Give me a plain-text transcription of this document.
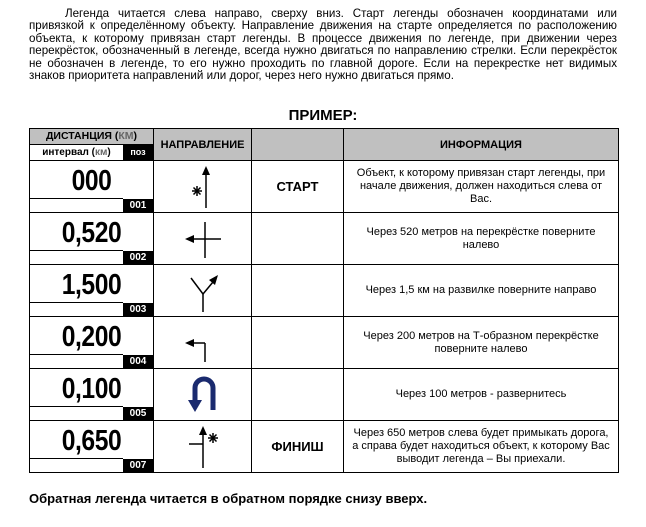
Легенда читается слева направо, сверху вниз. Старт легенды обозначен координатами или привязкой к определённому объекту. Направление движения на старте определяется по расположению объекта, к которому привязан старт легенды. В процессе движения по легенде, при движении через перекрёсток, обозначенный в легенде, всегда нужно двигаться по направлению стрелки. Если перекрёсток не обозначен в легенде, то его нужно проходить по главной дороге. Если на перекрестке нет видимых знаков приоритета направлений или дорог, через него нужно двигаться прямо.
ПРИМЕР:
ДИСТАНЦИЯ (КМ)
интервал (км) поз	НАПРАВЛЕНИЕ		ИНФОРМАЦИЯ

000
001		СТАРТ	Объект, к которому привязан старт легенды, при начале движения, должен находиться слева от Вас.

0,520
002			Через 520 метров на перекрёстке поверните налево

1,500
003			Через 1,5 км на развилке поверните направо

0,200
004			Через 200 метров на Т-образном перекрёстке поверните налево

0,100
005			Через 100 метров - развернитесь

0,650
007		ФИНИШ	Через 650 метров слева будет примыкать дорога, а справа будет находиться объект, к которому Вас выводит легенда – Вы приехали.
Обратная легенда читается в обратном порядке снизу вверх.
